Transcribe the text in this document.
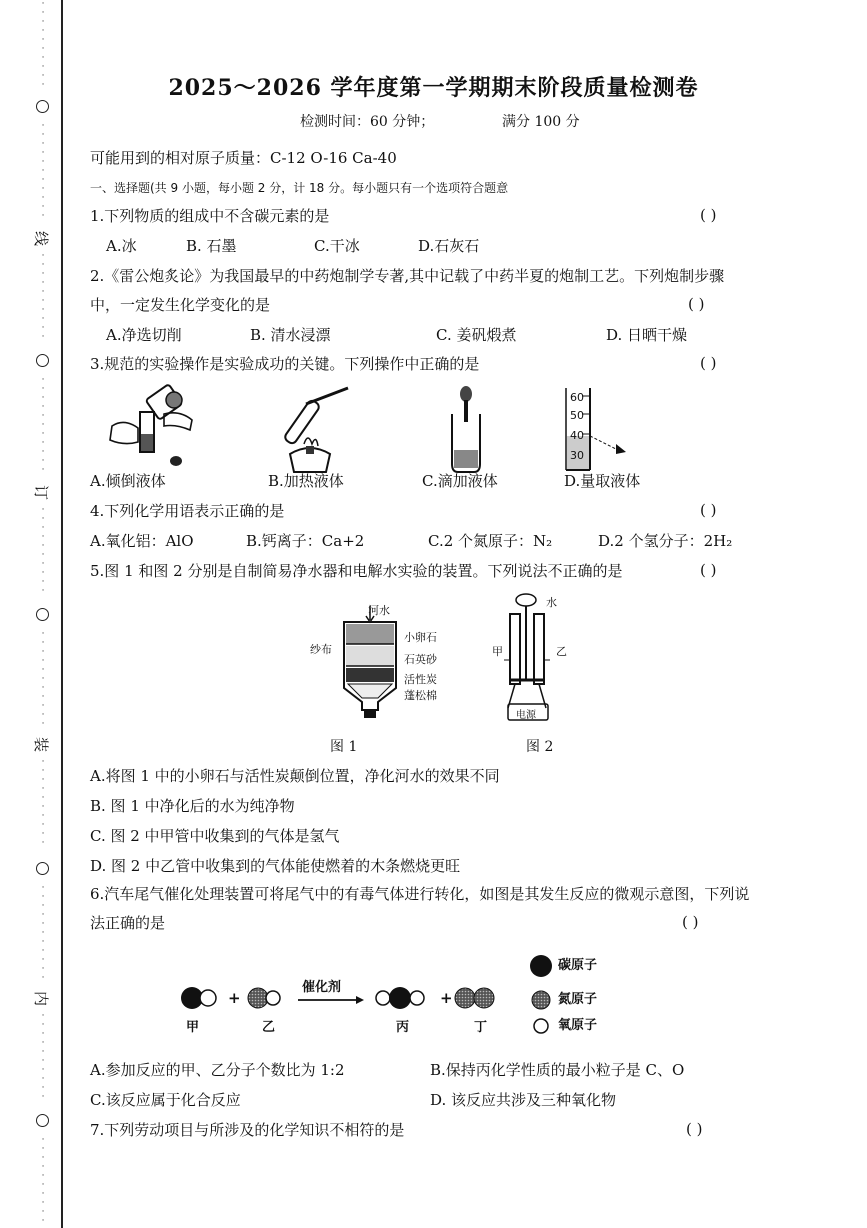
·
·
·
·
·
·
·
·
·
·
·
·
·
·
·
·
·
·
·
·
·
线
·
·
·
·
·
·
·
·
·
·
·
·
·
·
·
·
·
·
·
·
·
订
·
·
·
·
·
·
·
·
·
·
·
·
·
·
·
·
·
·
·
·
·
装
·
·
·
·
·
·
·
·
·
·
·
·
·
·
·
·
·
·
·
·
·
内
·
·
·
·
·
·
·
·
·
·
·
·
·
·
·
·
·
·
·
·
2025～2026 学年度第一学期期末阶段质量检测卷
检测时间：60 分钟；	满分 100 分
可能用到的相对原子质量：C-12 O-16 Ca-40
一、选择题(共 9 小题，每小题 2 分，计 18 分。每小题只有一个选项符合题意
1.下列物质的组成中不含碳元素的是	( )
A.冰	B. 石墨	C.干冰	D.石灰石
2.《雷公炮炙论》为我国最早的中药炮制学专著,其中记载了中药半夏的炮制工艺。下列炮制步骤
中，一定发生化学变化的是	( )
A.净选切削	B. 清水浸漂	C. 姜矾煅煮	D. 日晒干燥
3.规范的实验操作是实验成功的关键。下列操作中正确的是	( )
60
50
40
30
A.倾倒液体	B.加热液体	C.滴加液体	D.量取液体
4.下列化学用语表示正确的是	( )
A.氧化铝：AlO	B.钙离子：Ca+2	C.2 个氮原子：N₂	D.2 个氢分子：2H₂
5.图 1 和图 2 分别是自制简易净水器和电解水实验的装置。下列说法不正确的是	( )
河水
纱布
小卵石
石英砂
活性炭
蓬松棉
图 1
水
甲	乙
电源
图 2
A.将图 1 中的小卵石与活性炭颠倒位置，净化河水的效果不同
B. 图 1 中净化后的水为纯净物
C. 图 2 中甲管中收集到的气体是氢气
D. 图 2 中乙管中收集到的气体能使燃着的木条燃烧更旺
6.汽车尾气催化处理装置可将尾气中的有毒气体进行转化，如图是其发生反应的微观示意图，下列说
法正确的是	( )
+	+
催化剂
甲	乙	丙	丁
碳原子
氮原子
氧原子
A.参加反应的甲、乙分子个数比为 1:2	B.保持丙化学性质的最小粒子是 C、O
C.该反应属于化合反应	D. 该反应共涉及三种氧化物
7.下列劳动项目与所涉及的化学知识不相符的是	( )
